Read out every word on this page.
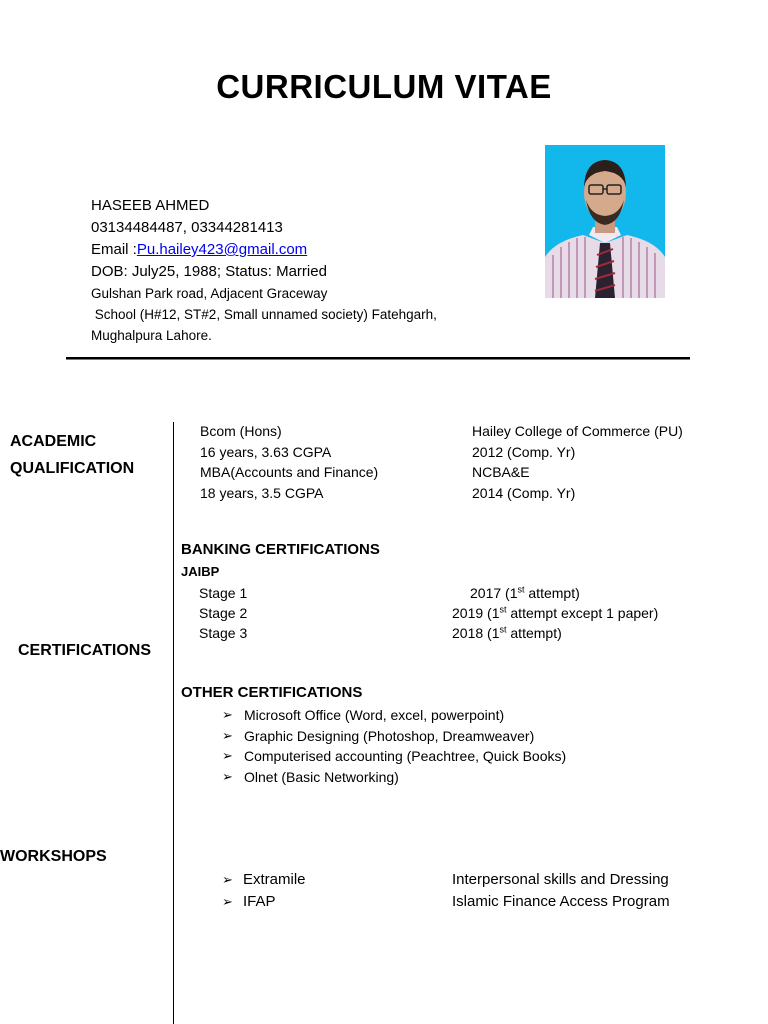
CURRICULUM VITAE
HASEEB AHMED
03134484487, 03344281413
Email :Pu.hailey423@gmail.com
DOB: July25, 1988; Status: Married
Gulshan Park road, Adjacent Graceway
School (H#12, ST#2, Small unnamed society) Fatehgarh,
Mughalpura Lahore.
ACADEMIC
QUALIFICATION
Bcom (Hons)	Hailey College of Commerce (PU)
16 years, 3.63 CGPA	2012 (Comp. Yr)
MBA(Accounts and Finance)	NCBA&E
18 years, 3.5 CGPA	2014 (Comp. Yr)
BANKING CERTIFICATIONS
JAIBP
Stage 1	2017 (1st attempt)
Stage 2	2019 (1st attempt except 1 paper)
Stage 3	2018 (1st attempt)
CERTIFICATIONS
OTHER CERTIFICATIONS
➢ Microsoft Office (Word, excel, powerpoint)
➢ Graphic Designing (Photoshop, Dreamweaver)
➢ Computerised accounting (Peachtree, Quick Books)
➢ Olnet (Basic Networking)
WORKSHOPS
➢ Extramile	Interpersonal skills and Dressing
➢ IFAP	Islamic Finance Access Program
